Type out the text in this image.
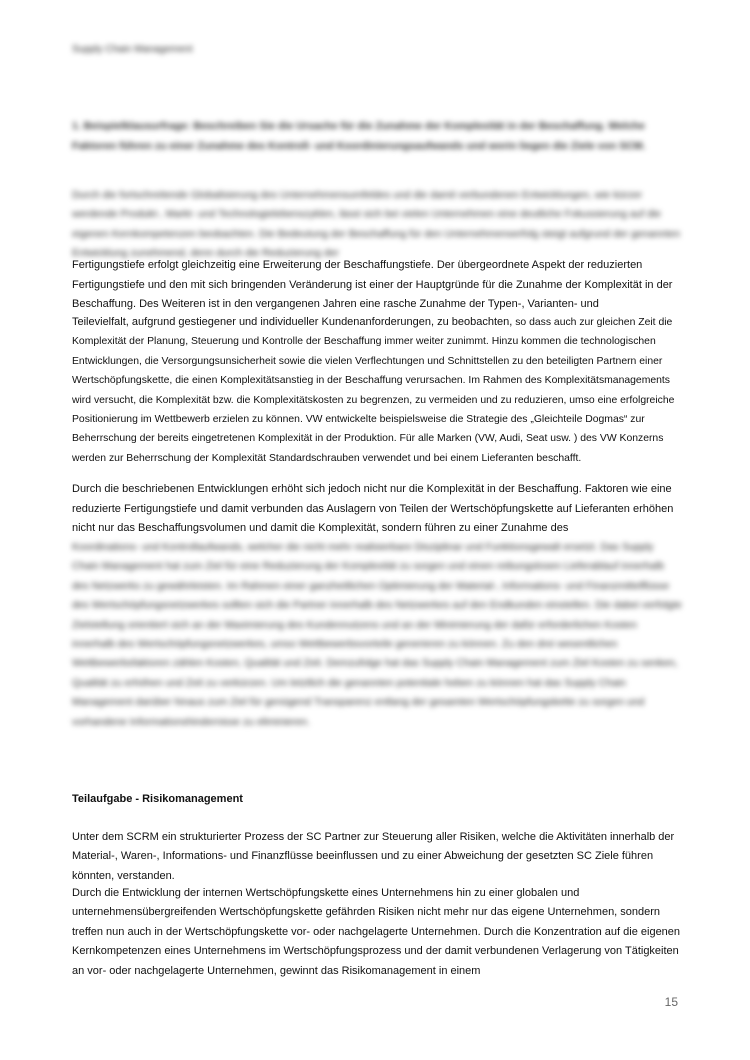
Supply Chain Management
1. Beispielklausurfrage: Beschreiben Sie die Ursache für die Zunahme der Komplexität in der Beschaffung. Welche Faktoren führen zu einer Zunahme des Kontroll- und Koordinierungsaufwands und worin liegen die Ziele von SCM.
Durch die fortschreitende Globalisierung des Unternehmensumfeldes und die damit verbundenen Entwicklungen, wie kürzer werdende Produkt-, Markt- und Technologielebenszyklen, lässt sich bei vielen Unternehmen eine deutliche Fokussierung auf die eigenen Kernkompetenzen beobachten. Die Bedeutung der Beschaffung für den Unternehmenserfolg steigt aufgrund der genannten Entwicklung zunehmend, denn durch die Reduzierung der
Fertigungstiefe erfolgt gleichzeitig eine Erweiterung der Beschaffungstiefe. Der übergeordnete Aspekt der reduzierten Fertigungstiefe und den mit sich bringenden Veränderung ist einer der Hauptgründe für die Zunahme der Komplexität in der Beschaffung. Des Weiteren ist in den vergangenen Jahren eine rasche Zunahme der Typen-, Varianten- und
Teilevielfalt, aufgrund gestiegener und individueller Kundenanforderungen, zu beobachten, so dass auch zur gleichen Zeit die Komplexität der Planung, Steuerung und Kontrolle der Beschaffung immer weiter zunimmt. Hinzu kommen die technologischen Entwicklungen, die Versorgungsunsicherheit sowie die vielen Verflechtungen und Schnittstellen zu den beteiligten Partnern einer Wertschöpfungskette, die einen Komplexitätsanstieg in der Beschaffung verursachen. Im Rahmen des Komplexitätsmanagements wird versucht, die Komplexität bzw. die Komplexitätskosten zu begrenzen, zu vermeiden und zu reduzieren, umso eine erfolgreiche Positionierung im Wettbewerb erzielen zu können. VW entwickelte beispielsweise die Strategie des „Gleichteile Dogmas“ zur Beherrschung der bereits eingetretenen Komplexität in der Produktion. Für alle Marken (VW, Audi, Seat usw. ) des VW Konzerns werden zur Beherrschung der Komplexität Standardschrauben verwendet und bei einem Lieferanten beschafft.
Durch die beschriebenen Entwicklungen erhöht sich jedoch nicht nur die Komplexität in der Beschaffung. Faktoren wie eine reduzierte Fertigungstiefe und damit verbunden das Auslagern von Teilen der Wertschöpfungskette auf Lieferanten erhöhen nicht nur das Beschaffungsvolumen und damit die Komplexität, sondern führen zu einer Zunahme des
Koordinations- und Kontrollaufwands, welcher die nicht mehr realisierbare Disziplinar und Funktionsgewalt ersetzt. Das Supply Chain Management hat zum Ziel für eine Reduzierung der Komplexität zu sorgen und einen reibungslosen Lieferablauf innerhalb des Netzwerks zu gewährleisten. Im Rahmen einer ganzheitlichen Optimierung der Material-, Informations- und Finanzmittelflüsse des Wertschöpfungsnetzwerkes sollten sich die Partner innerhalb des Netzwerkes auf den Endkunden einstellen. Die dabei verfolgte Zielstellung orientiert sich an der Maximierung des Kundennutzens und an der Minimierung der dafür erforderlichen Kosten innerhalb des Wertschöpfungsnetzwerkes, umso Wettbewerbsvorteile generieren zu können. Zu den drei wesentlichen Wettbewerbsfaktoren zählen Kosten, Qualität und Zeit. Demzufolge hat das Supply Chain Management zum Ziel Kosten zu senken, Qualität zu erhöhen und Zeit zu verkürzen. Um letztlich die genannten potentiale heben zu können hat das Supply Chain Management darüber hinaus zum Ziel für genügend Transparenz entlang der gesamten Wertschöpfungskette zu sorgen und vorhandene Informationshindernisse zu eliminieren.
Teilaufgabe - Risikomanagement
Unter dem SCRM ein strukturierter Prozess der SC Partner zur Steuerung aller Risiken, welche die Aktivitäten innerhalb der Material-, Waren-, Informations- und Finanzflüsse beeinflussen und zu einer Abweichung der gesetzten SC Ziele führen könnten, verstanden.
Durch die Entwicklung der internen Wertschöpfungskette eines Unternehmens hin zu einer globalen und unternehmensübergreifenden Wertschöpfungskette gefährden Risiken nicht mehr nur das eigene Unternehmen, sondern treffen nun auch in der Wertschöpfungskette vor- oder nachgelagerte Unternehmen. Durch die Konzentration auf die eigenen Kernkompetenzen eines Unternehmens im Wertschöpfungsprozess und der damit verbundenen Verlagerung von Tätigkeiten an vor- oder nachgelagerte Unternehmen, gewinnt das Risikomanagement in einem
15
